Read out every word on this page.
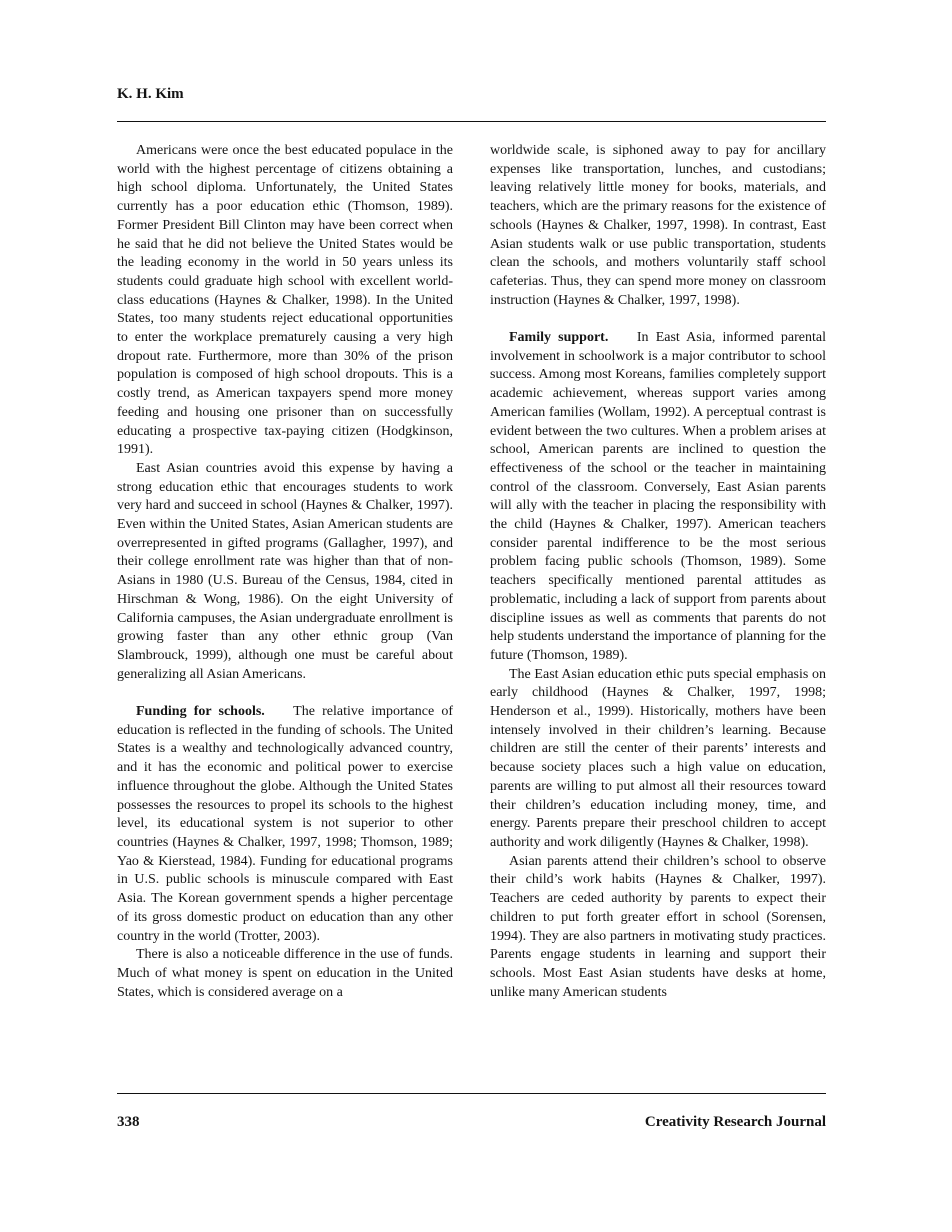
K. H. Kim

Americans were once the best educated populace in the world with the highest percentage of citizens obtaining a high school diploma. Unfortunately, the United States currently has a poor education ethic (Thomson, 1989). Former President Bill Clinton may have been correct when he said that he did not believe the United States would be the leading economy in the world in 50 years unless its students could graduate high school with excellent world-class educations (Haynes & Chalker, 1998). In the United States, too many students reject educational opportunities to enter the workplace prematurely causing a very high dropout rate. Furthermore, more than 30% of the prison population is composed of high school dropouts. This is a costly trend, as American taxpayers spend more money feeding and housing one prisoner than on successfully educating a prospective tax-paying citizen (Hodgkinson, 1991).

East Asian countries avoid this expense by having a strong education ethic that encourages students to work very hard and succeed in school (Haynes & Chalker, 1997). Even within the United States, Asian American students are overrepresented in gifted programs (Gallagher, 1997), and their college enrollment rate was higher than that of non-Asians in 1980 (U.S. Bureau of the Census, 1984, cited in Hirschman & Wong, 1986). On the eight University of California campuses, the Asian undergraduate enrollment is growing faster than any other ethnic group (Van Slambrouck, 1999), although one must be careful about generalizing all Asian Americans.

Funding for schools. The relative importance of education is reflected in the funding of schools. The United States is a wealthy and technologically advanced country, and it has the economic and political power to exercise influence throughout the globe. Although the United States possesses the resources to propel its schools to the highest level, its educational system is not superior to other countries (Haynes & Chalker, 1997, 1998; Thomson, 1989; Yao & Kierstead, 1984). Funding for educational programs in U.S. public schools is minuscule compared with East Asia. The Korean government spends a higher percentage of its gross domestic product on education than any other country in the world (Trotter, 2003).

There is also a noticeable difference in the use of funds. Much of what money is spent on education in the United States, which is considered average on a

worldwide scale, is siphoned away to pay for ancillary expenses like transportation, lunches, and custodians; leaving relatively little money for books, materials, and teachers, which are the primary reasons for the existence of schools (Haynes & Chalker, 1997, 1998). In contrast, East Asian students walk or use public transportation, students clean the schools, and mothers voluntarily staff school cafeterias. Thus, they can spend more money on classroom instruction (Haynes & Chalker, 1997, 1998).

Family support. In East Asia, informed parental involvement in schoolwork is a major contributor to school success. Among most Koreans, families completely support academic achievement, whereas support varies among American families (Wollam, 1992). A perceptual contrast is evident between the two cultures. When a problem arises at school, American parents are inclined to question the effectiveness of the school or the teacher in maintaining control of the classroom. Conversely, East Asian parents will ally with the teacher in placing the responsibility with the child (Haynes & Chalker, 1997). American teachers consider parental indifference to be the most serious problem facing public schools (Thomson, 1989). Some teachers specifically mentioned parental attitudes as problematic, including a lack of support from parents about discipline issues as well as comments that parents do not help students understand the importance of planning for the future (Thomson, 1989).

The East Asian education ethic puts special emphasis on early childhood (Haynes & Chalker, 1997, 1998; Henderson et al., 1999). Historically, mothers have been intensely involved in their children’s learning. Because children are still the center of their parents’ interests and because society places such a high value on education, parents are willing to put almost all their resources toward their children’s education including money, time, and energy. Parents prepare their preschool children to accept authority and work diligently (Haynes & Chalker, 1998).

Asian parents attend their children’s school to observe their child’s work habits (Haynes & Chalker, 1997). Teachers are ceded authority by parents to expect their children to put forth greater effort in school (Sorensen, 1994). They are also partners in motivating study practices. Parents engage students in learning and support their schools. Most East Asian students have desks at home, unlike many American students

338	Creativity Research Journal
